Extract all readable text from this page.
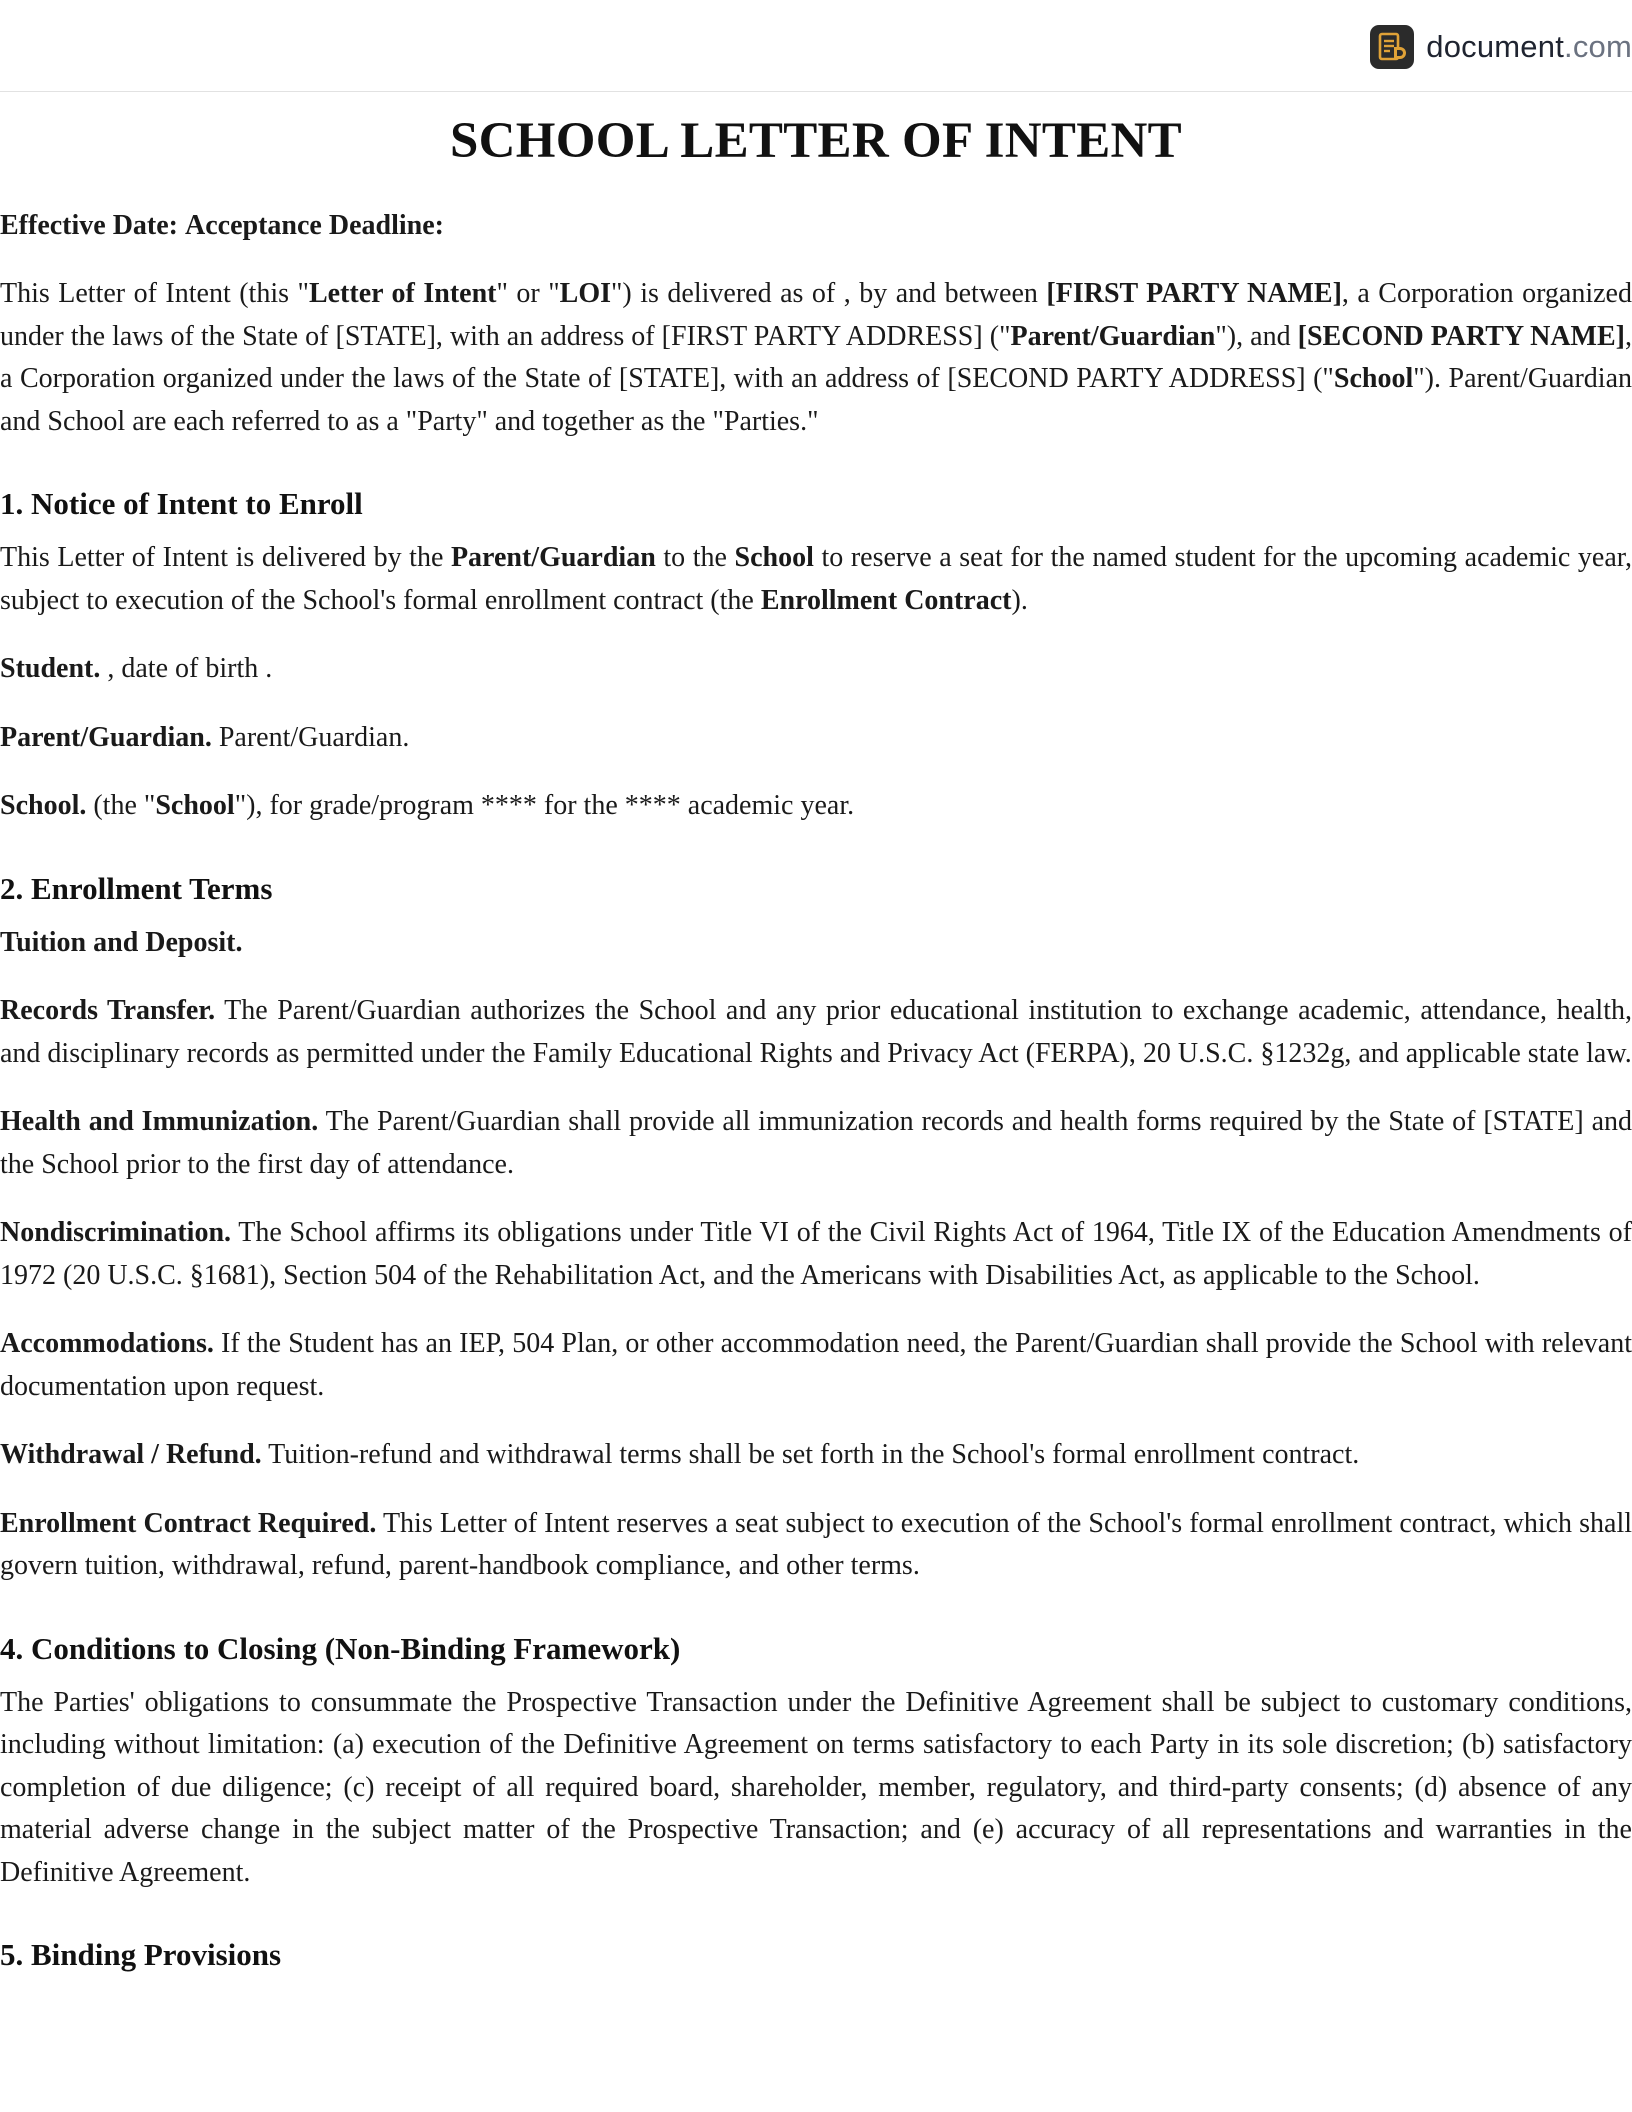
document.com
SCHOOL LETTER OF INTENT

Effective Date: Acceptance Deadline:

This Letter of Intent (this "Letter of Intent" or "LOI") is delivered as of , by and between [FIRST PARTY NAME], a Corporation organized under the laws of the State of [STATE], with an address of [FIRST PARTY ADDRESS] ("Parent/Guardian"), and [SECOND PARTY NAME], a Corporation organized under the laws of the State of [STATE], with an address of [SECOND PARTY ADDRESS] ("School"). Parent/Guardian and School are each referred to as a "Party" and together as the "Parties."

1. Notice of Intent to Enroll

This Letter of Intent is delivered by the Parent/Guardian to the School to reserve a seat for the named student for the upcoming academic year, subject to execution of the School's formal enrollment contract (the Enrollment Contract).

Student. , date of birth .

Parent/Guardian. Parent/Guardian.

School. (the "School"), for grade/program **** for the **** academic year.

2. Enrollment Terms

Tuition and Deposit.

Records Transfer. The Parent/Guardian authorizes the School and any prior educational institution to exchange academic, attendance, health, and disciplinary records as permitted under the Family Educational Rights and Privacy Act (FERPA), 20 U.S.C. §1232g, and applicable state law.

Health and Immunization. The Parent/Guardian shall provide all immunization records and health forms required by the State of [STATE] and the School prior to the first day of attendance.

Nondiscrimination. The School affirms its obligations under Title VI of the Civil Rights Act of 1964, Title IX of the Education Amendments of 1972 (20 U.S.C. §1681), Section 504 of the Rehabilitation Act, and the Americans with Disabilities Act, as applicable to the School.

Accommodations. If the Student has an IEP, 504 Plan, or other accommodation need, the Parent/Guardian shall provide the School with relevant documentation upon request.

Withdrawal / Refund. Tuition-refund and withdrawal terms shall be set forth in the School's formal enrollment contract.

Enrollment Contract Required. This Letter of Intent reserves a seat subject to execution of the School's formal enrollment contract, which shall govern tuition, withdrawal, refund, parent-handbook compliance, and other terms.

4. Conditions to Closing (Non-Binding Framework)

The Parties' obligations to consummate the Prospective Transaction under the Definitive Agreement shall be subject to customary conditions, including without limitation: (a) execution of the Definitive Agreement on terms satisfactory to each Party in its sole discretion; (b) satisfactory completion of due diligence; (c) receipt of all required board, shareholder, member, regulatory, and third-party consents; (d) absence of any material adverse change in the subject matter of the Prospective Transaction; and (e) accuracy of all representations and warranties in the Definitive Agreement.

5. Binding Provisions
